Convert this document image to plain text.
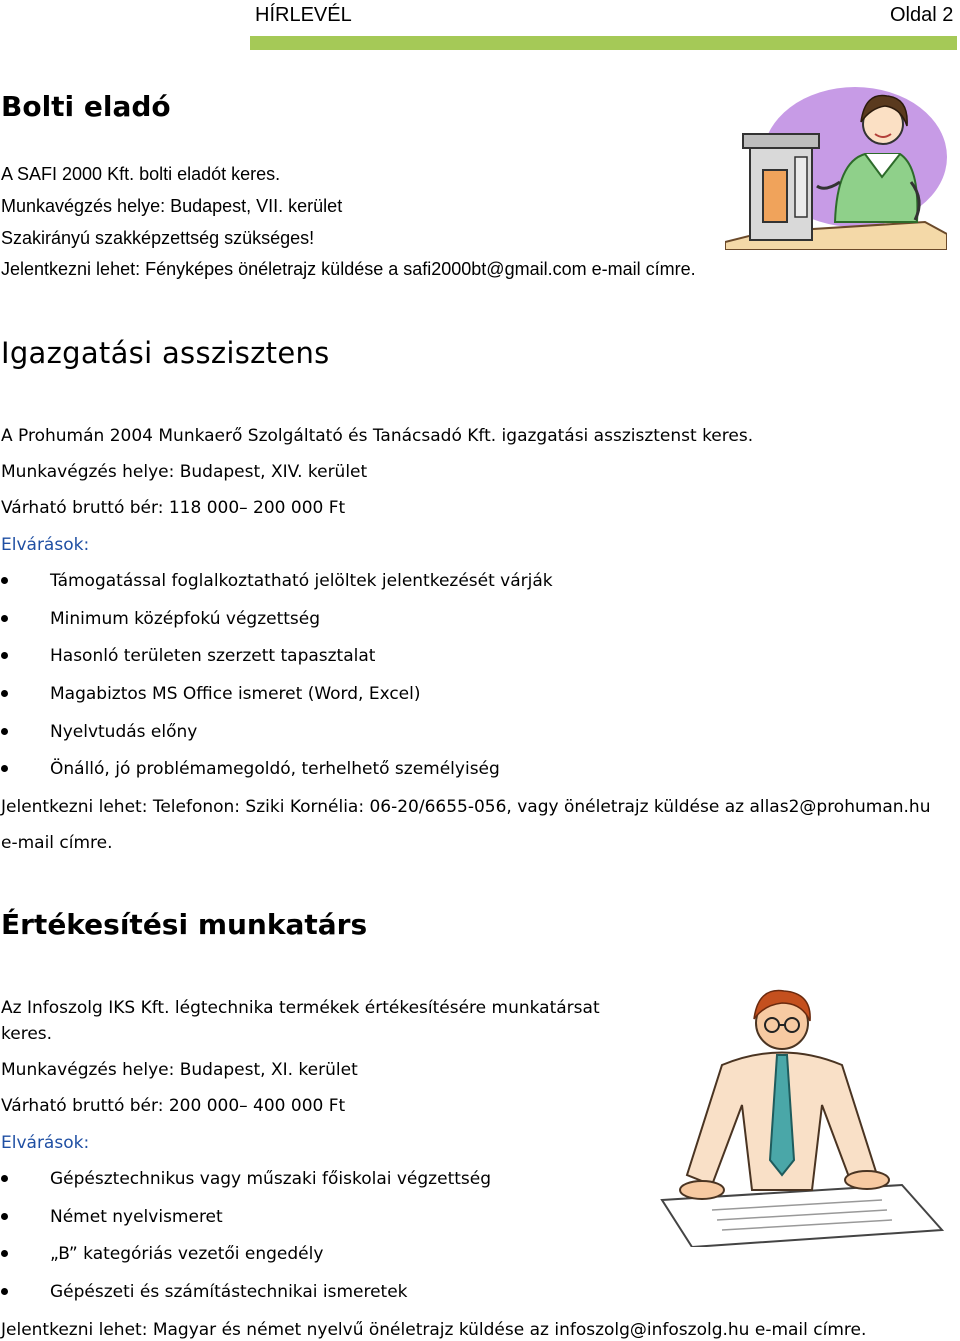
HÍRLEVÉL	Oldal 2
Bolti eladó
A SAFI 2000 Kft. bolti eladót keres.
Munkavégzés helye: Budapest, VII. kerület
Szakirányú szakképzettség szükséges!
Jelentkezni lehet: Fényképes önéletrajz küldése a safi2000bt@gmail.com e-mail címre.
Igazgatási asszisztens
A Prohumán 2004 Munkaerő Szolgáltató és Tanácsadó Kft. igazgatási asszisztenst keres.
Munkavégzés helye: Budapest, XIV. kerület
Várható bruttó bér: 118 000– 200 000 Ft
Elvárások:
Támogatással foglalkoztatható jelöltek jelentkezését várják
Minimum középfokú végzettség
Hasonló területen szerzett tapasztalat
Magabiztos MS Office ismeret (Word, Excel)
Nyelvtudás előny
Önálló, jó problémamegoldó, terhelhető személyiség
Jelentkezni lehet: Telefonon: Sziki Kornélia: 06-20/6655-056, vagy önéletrajz küldése az allas2@prohuman.hu
e-mail címre.
Értékesítési munkatárs
Az Infoszolg IKS Kft. légtechnika termékek értékesítésére munkatársat
keres.
Munkavégzés helye: Budapest, XI. kerület
Várható bruttó bér: 200 000– 400 000 Ft
Elvárások:
Gépésztechnikus vagy műszaki főiskolai végzettség
Német nyelvismeret
„B” kategóriás vezetői engedély
Gépészeti és számítástechnikai ismeretek
Jelentkezni lehet: Magyar és német nyelvű önéletrajz küldése az infoszolg@infoszolg.hu e-mail címre.
